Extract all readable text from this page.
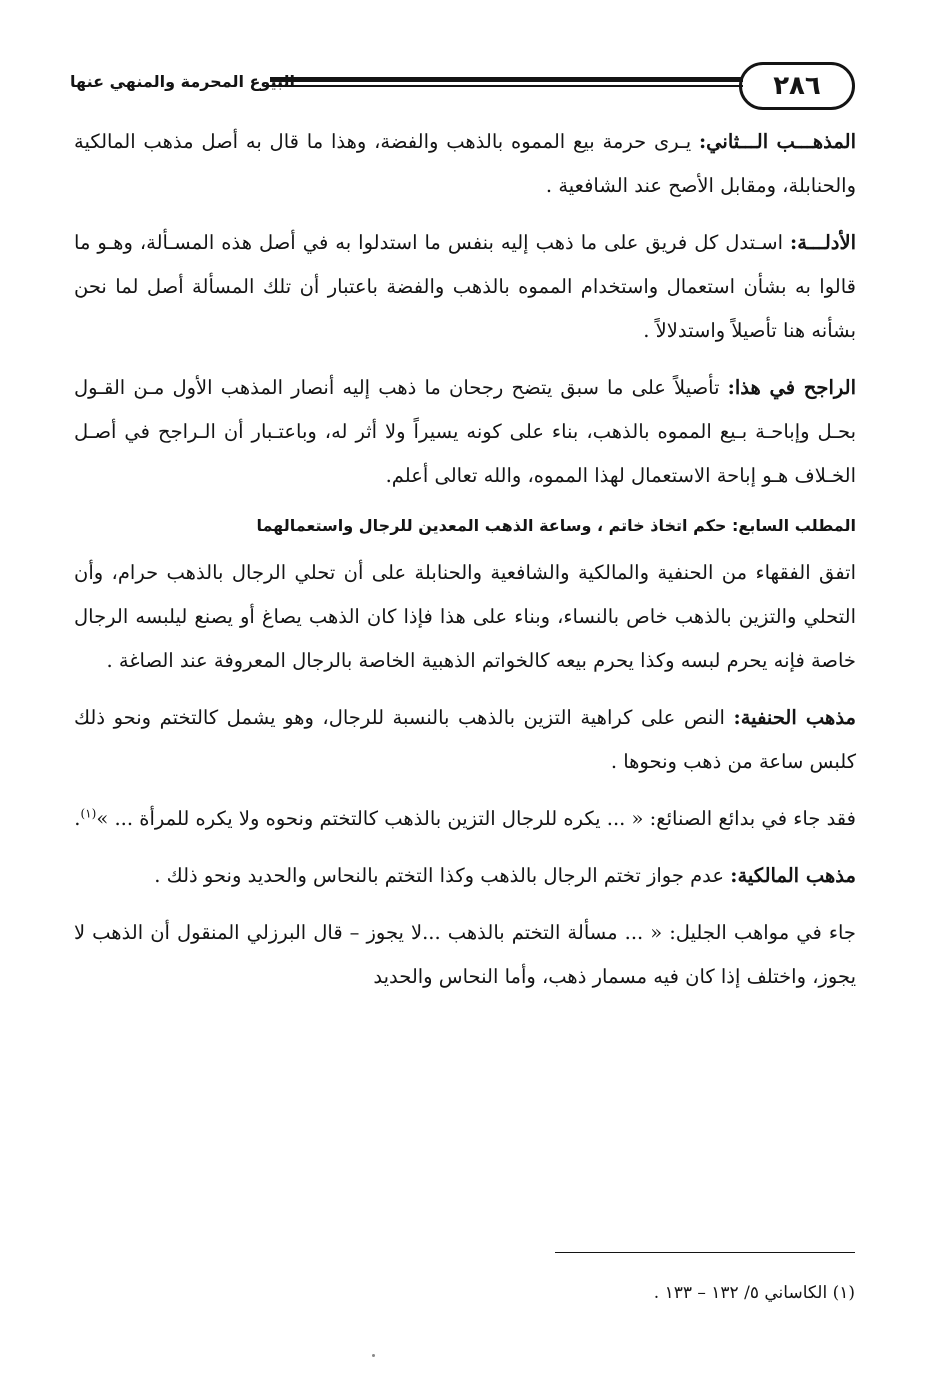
٢٨٦
البيوع المحرمة والمنهي عنها

المذهـــب الـــثاني: يـرى حرمة بيع المموه بالذهب والفضة، وهذا ما قال به أصل مذهب المالكية والحنابلة، ومقابل الأصح عند الشافعية .

الأدلـــة: اسـتدل كل فريق على ما ذهب إليه بنفس ما استدلوا به في أصل هذه المسـألة، وهـو ما قالوا به بشأن استعمال واستخدام المموه بالذهب والفضة باعتبار أن تلك المسألة أصل لما نحن بشأنه هنا تأصيلاً واستدلالاً .

الراجح في هذا: تأصيلاً على ما سبق يتضح رجحان ما ذهب إليه أنصار المذهب الأول مـن القـول بحـل وإباحـة بـيع المموه بالذهب، بناء على كونه يسيراً ولا أثر له، وباعتـبار أن الـراجح في أصـل الخـلاف هـو إباحة الاستعمال لهذا المموه، والله تعالى أعلم.

المطلب السابع: حكم اتخاذ خاتم ، وساعة الذهب المعدين للرجال واستعمالهما

اتفق الفقهاء من الحنفية والمالكية والشافعية والحنابلة على أن تحلي الرجال بالذهب حرام، وأن التحلي والتزين بالذهب خاص بالنساء، وبناء على هذا فإذا كان الذهب يصاغ أو يصنع ليلبسه الرجال خاصة فإنه يحرم لبسه وكذا يحرم بيعه كالخواتم الذهبية الخاصة بالرجال المعروفة عند الصاغة .

مذهب الحنفية: النص على كراهية التزين بالذهب بالنسبة للرجال، وهو يشمل كالتختم ونحو ذلك كلبس ساعة من ذهب ونحوها .

فقد جاء في بدائع الصنائع: « ... يكره للرجال التزين بالذهب كالتختم ونحوه ولا يكره للمرأة ... »$^{(١)}$.

مذهب المالكية: عدم جواز تختم الرجال بالذهب وكذا التختم بالنحاس والحديد ونحو ذلك .

جاء في مواهب الجليل: « ... مسألة التختم بالذهب ...لا يجوز – قال البرزلي المنقول أن الذهب لا يجوز، واختلف إذا كان فيه مسمار ذهب، وأما النحاس والحديد

(١) الكاساني ٥/ ١٣٢ – ١٣٣ .
